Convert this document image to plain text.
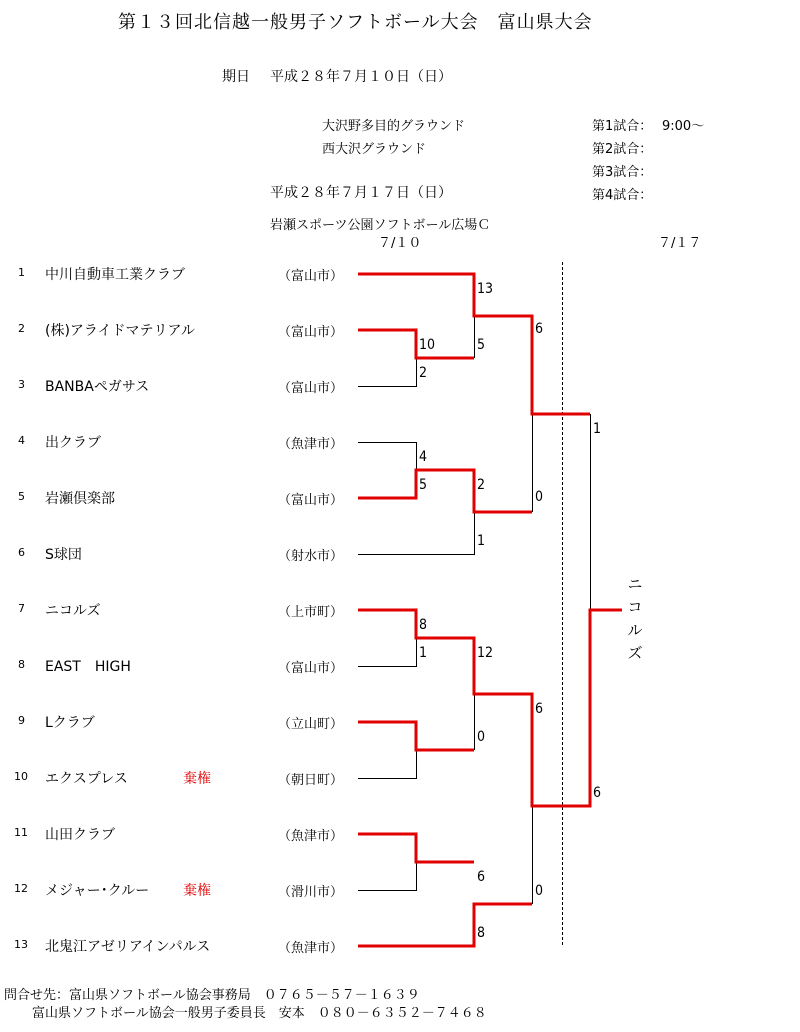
第１３回北信越一般男子ソフトボール大会　富山県大会
期日 平成２８年７月１０日（日）
大沢野多目的グラウンド
西大沢グラウンド
平成２８年７月１７日（日）
岩瀬スポーツ公園ソフトボール広場Ｃ
７/１０	７/１７
第1試合： 9:00～
第2試合：
第3試合：
第4試合：
1 中川自動車工業クラブ	（富山市）
2 (株)アライドマテリアル	（富山市）
3 BANBAペガサス	（富山市）
4 出クラブ	（魚津市）
5 岩瀬倶楽部	（富山市）
6 S球団	（射水市）
7 ニコルズ	（上市町）
8 EAST　HIGH	（富山市）
9 Lクラブ	（立山町）
10 エクスプレス	棄権	（朝日町）
11 山田クラブ	（魚津市）
12 メジャー･クルー 棄権	（滑川市）
13 北鬼江アゼリアインパルス	（魚津市）
10
2
4
5
8
1
13
5
2
1
12
0
6
8
6
0
6
0
1
6
ニコルズ
問合せ先：富山県ソフトボール協会事務局　０７６５－５７－１６３９
富山県ソフトボール協会一般男子委員長　安本　０８０－６３５２－７４６８
